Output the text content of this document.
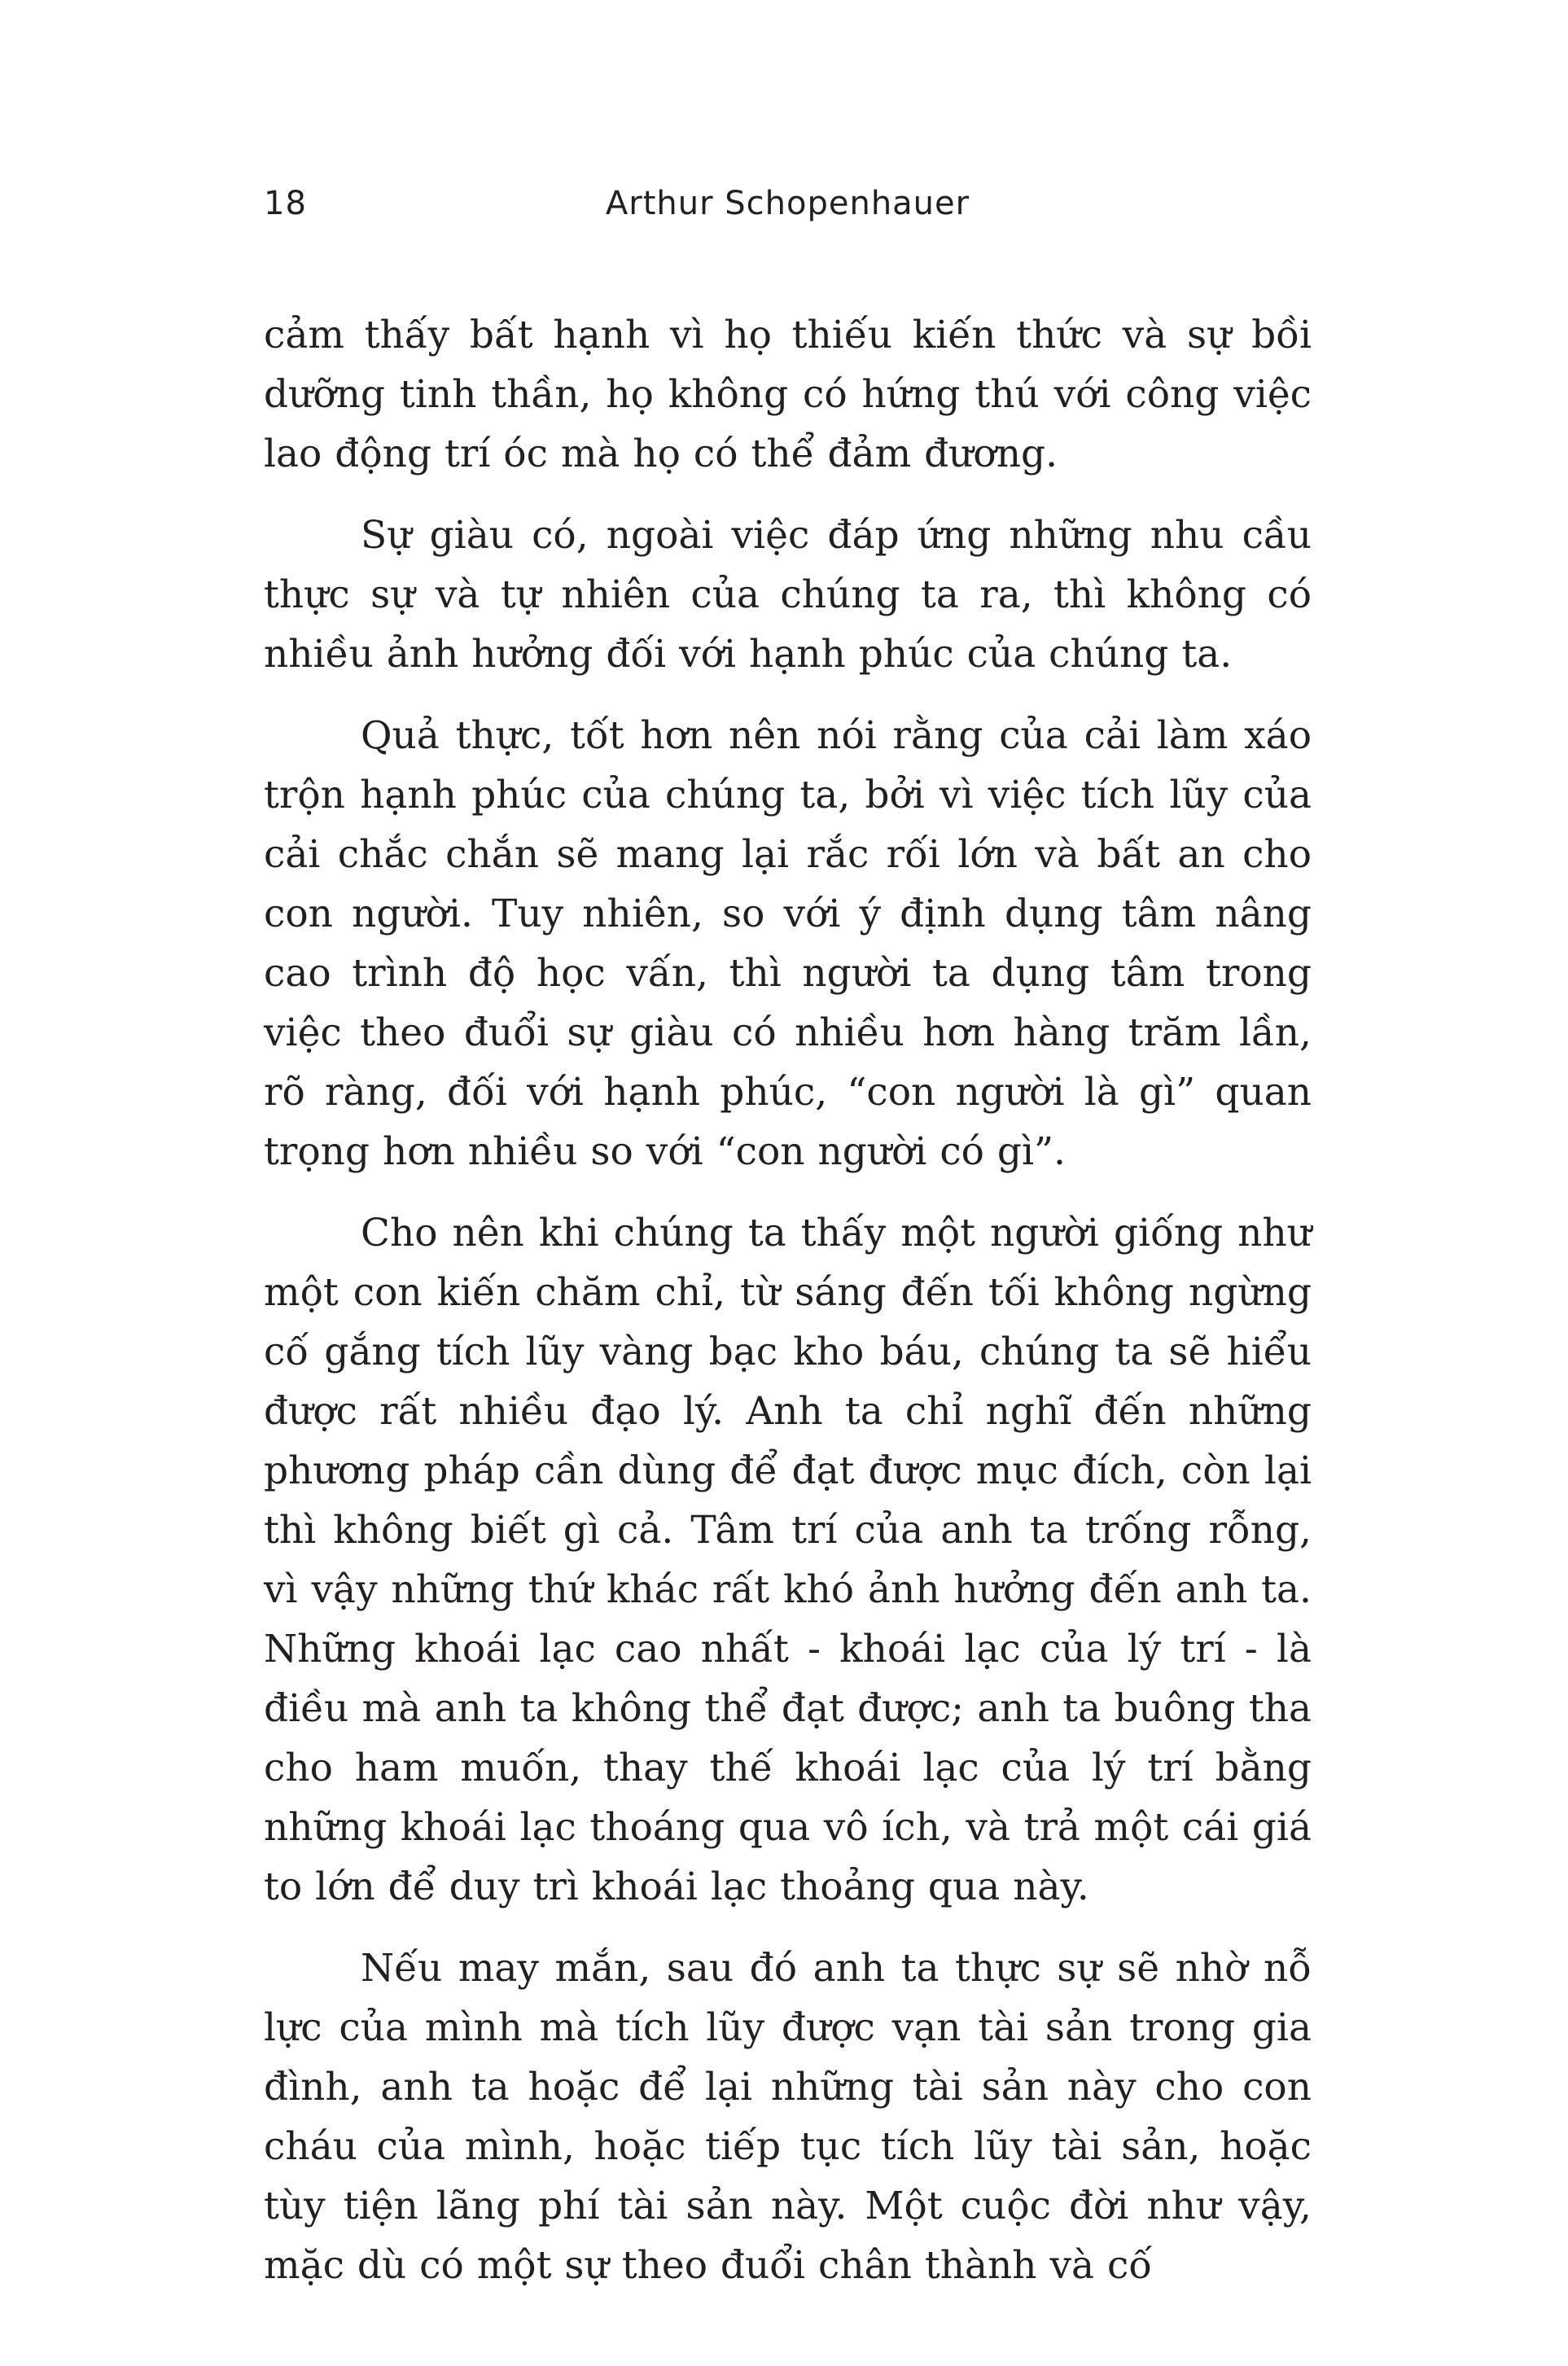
18	Arthur Schopenhauer

cảm thấy bất hạnh vì họ thiếu kiến thức và sự bồi dưỡng tinh thần, họ không có hứng thú với công việc lao động trí óc mà họ có thể đảm đương.

Sự giàu có, ngoài việc đáp ứng những nhu cầu thực sự và tự nhiên của chúng ta ra, thì không có nhiều ảnh hưởng đối với hạnh phúc của chúng ta.

Quả thực, tốt hơn nên nói rằng của cải làm xáo trộn hạnh phúc của chúng ta, bởi vì việc tích lũy của cải chắc chắn sẽ mang lại rắc rối lớn và bất an cho con người. Tuy nhiên, so với ý định dụng tâm nâng cao trình độ học vấn, thì người ta dụng tâm trong việc theo đuổi sự giàu có nhiều hơn hàng trăm lần, rõ ràng, đối với hạnh phúc, “con người là gì” quan trọng hơn nhiều so với “con người có gì”.

Cho nên khi chúng ta thấy một người giống như một con kiến chăm chỉ, từ sáng đến tối không ngừng cố gắng tích lũy vàng bạc kho báu, chúng ta sẽ hiểu được rất nhiều đạo lý. Anh ta chỉ nghĩ đến những phương pháp cần dùng để đạt được mục đích, còn lại thì không biết gì cả. Tâm trí của anh ta trống rỗng, vì vậy những thứ khác rất khó ảnh hưởng đến anh ta. Những khoái lạc cao nhất - khoái lạc của lý trí - là điều mà anh ta không thể đạt được; anh ta buông tha cho ham muốn, thay thế khoái lạc của lý trí bằng những khoái lạc thoáng qua vô ích, và trả một cái giá to lớn để duy trì khoái lạc thoảng qua này.

Nếu may mắn, sau đó anh ta thực sự sẽ nhờ nỗ lực của mình mà tích lũy được vạn tài sản trong gia đình, anh ta hoặc để lại những tài sản này cho con cháu của mình, hoặc tiếp tục tích lũy tài sản, hoặc tùy tiện lãng phí tài sản này. Một cuộc đời như vậy, mặc dù có một sự theo đuổi chân thành và cố
